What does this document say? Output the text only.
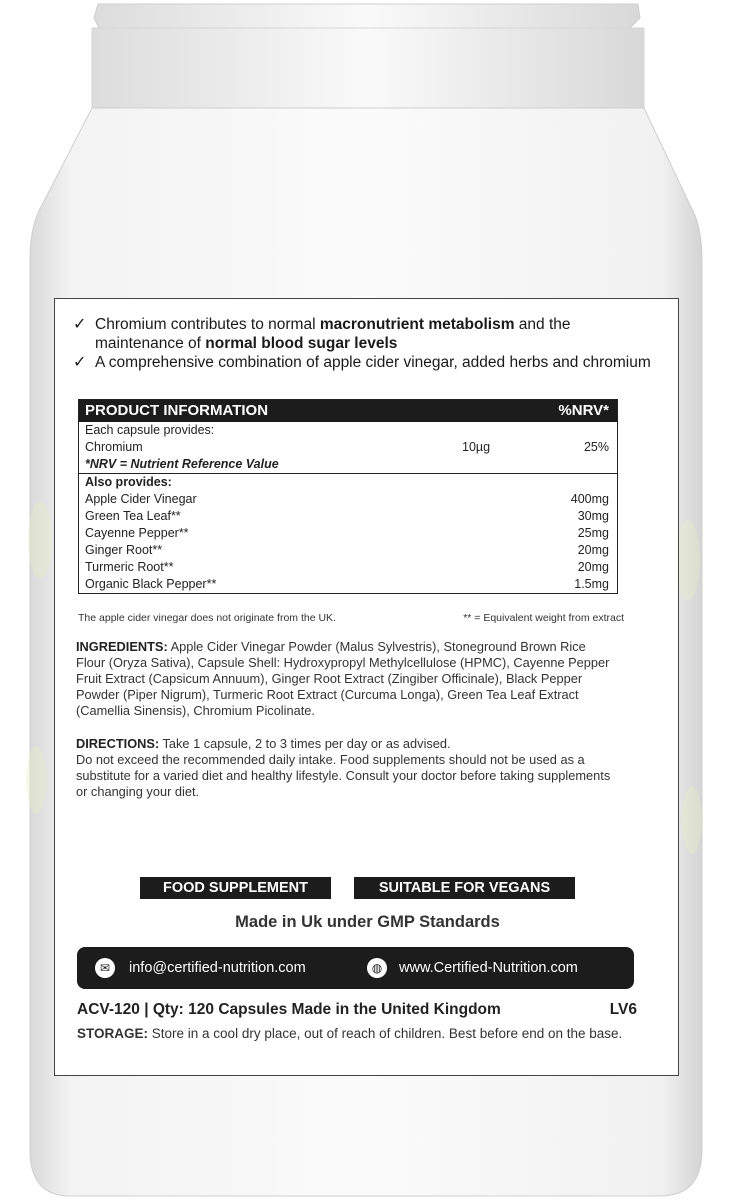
✓ Chromium contributes to normal macronutrient metabolism and the maintenance of normal blood sugar levels
✓ A comprehensive combination of apple cider vinegar, added herbs and chromium
PRODUCT INFORMATION	%NRV*
Each capsule provides:
Chromium	10µg	25%
*NRV = Nutrient Reference Value
Also provides:
Apple Cider Vinegar	400mg
Green Tea Leaf**	30mg
Cayenne Pepper**	25mg
Ginger Root**	20mg
Turmeric Root**	20mg
Organic Black Pepper**	1.5mg
The apple cider vinegar does not originate from the UK.	** = Equivalent weight from extract
INGREDIENTS: Apple Cider Vinegar Powder (Malus Sylvestris), Stoneground Brown Rice Flour (Oryza Sativa), Capsule Shell: Hydroxypropyl Methylcellulose (HPMC), Cayenne Pepper Fruit Extract (Capsicum Annuum), Ginger Root Extract (Zingiber Officinale), Black Pepper Powder (Piper Nigrum), Turmeric Root Extract (Curcuma Longa), Green Tea Leaf Extract (Camellia Sinensis), Chromium Picolinate.
DIRECTIONS: Take 1 capsule, 2 to 3 times per day or as advised.
Do not exceed the recommended daily intake. Food supplements should not be used as a substitute for a varied diet and healthy lifestyle. Consult your doctor before taking supplements or changing your diet.
FOOD SUPPLEMENT	SUITABLE FOR VEGANS
Made in Uk under GMP Standards
✉	info@certified-nutrition.com	◍	www.Certified-Nutrition.com
ACV-120 | Qty: 120 Capsules Made in the United Kingdom	LV6
STORAGE: Store in a cool dry place, out of reach of children. Best before end on the base.
